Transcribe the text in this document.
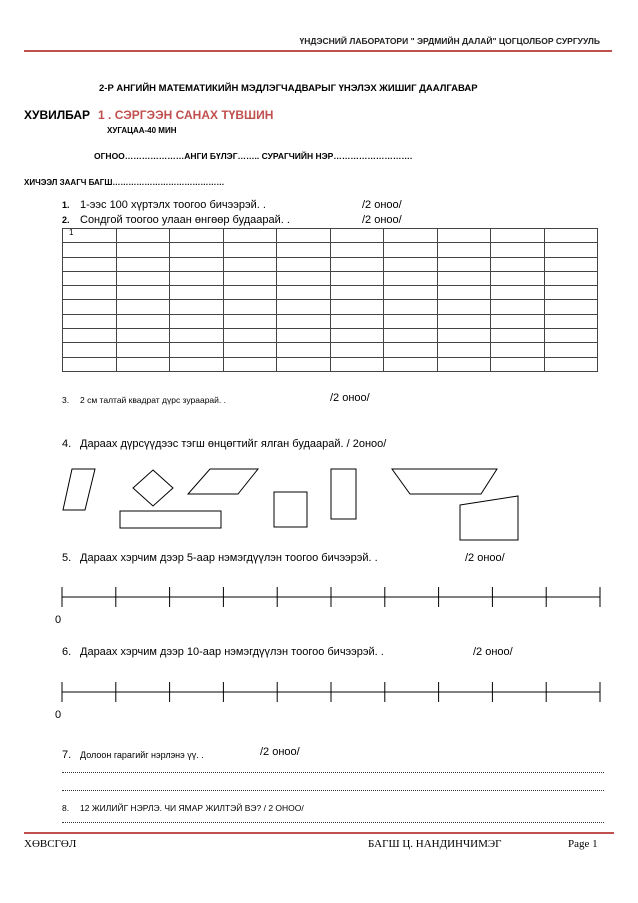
ҮНДЭСНИЙ ЛАБОРАТОРИ " ЭРДМИЙН ДАЛАЙ" ЦОГЦОЛБОР СУРГУУЛЬ
2-Р АНГИЙН МАТЕМАТИКИЙН МЭДЛЭГЧАДВАРЫГ ҮНЭЛЭХ ЖИШИГ ДААЛГАВАР
ХУВИЛБАР 1 . СЭРГЭЭН САНАХ ТҮВШИН
ХУГАЦАА-40 МИН
ОГНОО…………………АНГИ БҮЛЭГ…….. СУРАГЧИЙН НЭР……………………….
ХИЧЭЭЛ ЗААГЧ БАГШ……………………………………
1. 1-ээс 100 хүртэлх тоогоо бичээрэй. .	/2 оноо/
2. Сондгой тоогоо улаан өнгөөр будаарай. .	/2 оноо/
1									

3. 2 см талтай квадрат дүрс зураарай. .	/2 оноо/
4. Дараах дүрсүүдээс тэгш өнцөгтийг ялган будаарай. / 2оноо/
5. Дараах хэрчим дээр 5-аар нэмэгдүүлэн тоогоо бичээрэй. .	/2 оноо/
0
6. Дараах хэрчим дээр 10-аар нэмэгдүүлэн тоогоо бичээрэй. .	/2 оноо/
0
7. Долоон гарагийг нэрлэнэ үү. .	/2 оноо/
8. 12 ЖИЛИЙГ НЭРЛЭ. ЧИ ЯМАР ЖИЛТЭЙ ВЭ? / 2 ОНОО/
ХӨВСГӨЛ	БАГШ Ц. НАНДИНЧИМЭГ	Page 1
